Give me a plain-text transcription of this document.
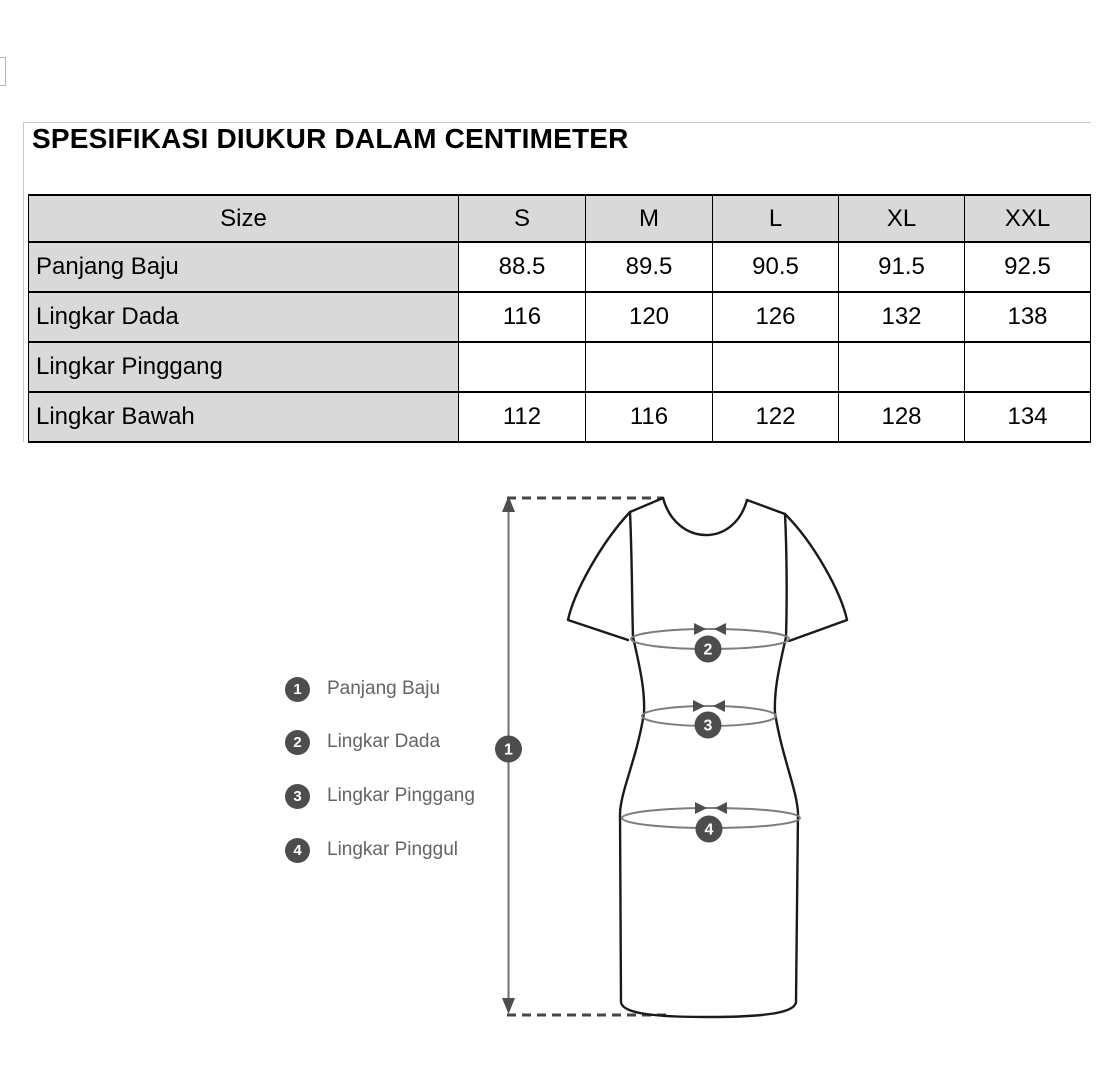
SPESIFIKASI DIUKUR DALAM CENTIMETER
Size	S	M	L	XL	XXL
Panjang Baju	88.5	89.5	90.5	91.5	92.5
Lingkar Dada	116	120	126	132	138
Lingkar Pinggang					
Lingkar Bawah	112	116	122	128	134
1
2
3
4
1	Panjang Baju
2	Lingkar Dada
3	Lingkar Pinggang
4	Lingkar Pinggul
